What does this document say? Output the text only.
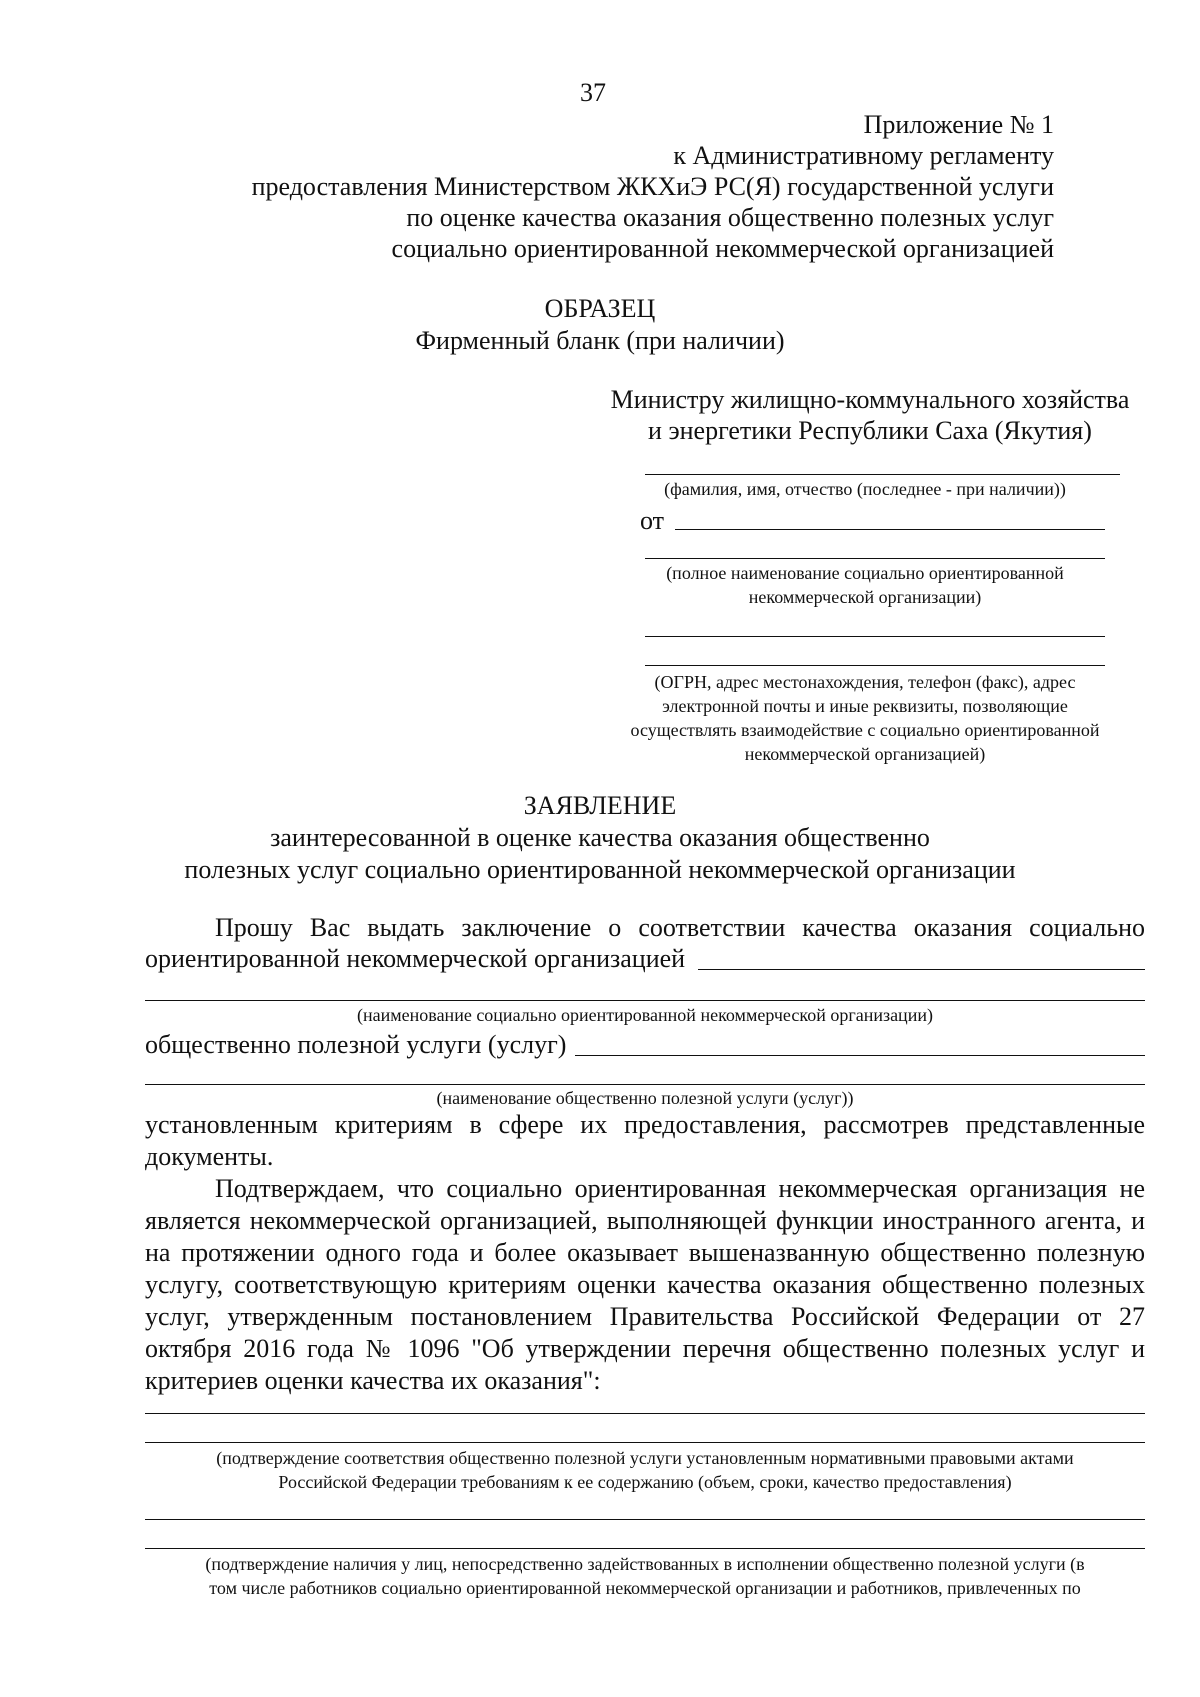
37
Приложение № 1
к Административному регламенту
предоставления Министерством ЖКХиЭ РС(Я) государственной услуги
по оценке качества оказания общественно полезных услуг
социально ориентированной некоммерческой организацией
ОБРАЗЕЦ
Фирменный бланк (при наличии)
Министру жилищно-коммунального хозяйства
и энергетики Республики Саха (Якутия)
(фамилия, имя, отчество (последнее - при наличии))
от
(полное наименование социально ориентированной
некоммерческой организации)
(ОГРН, адрес местонахождения, телефон (факс), адрес
электронной почты и иные реквизиты, позволяющие
осуществлять взаимодействие с социально ориентированной
некоммерческой организацией)
ЗАЯВЛЕНИЕ
заинтересованной в оценке качества оказания общественно
полезных услуг социально ориентированной некоммерческой организации
Прошу Вас выдать заключение о соответствии качества оказания социально
ориентированной некоммерческой организацией
(наименование социально ориентированной некоммерческой организации)
общественно полезной услуги (услуг)
(наименование общественно полезной услуги (услуг))
установленным критериям в сфере их предоставления, рассмотрев представленные
документы.
Подтверждаем, что социально ориентированная некоммерческая организация не
является некоммерческой организацией, выполняющей функции иностранного агента, и
на протяжении одного года и более оказывает вышеназванную общественно полезную
услугу, соответствующую критериям оценки качества оказания общественно полезных
услуг, утвержденным постановлением Правительства Российской Федерации от 27
октября 2016 года № 1096 "Об утверждении перечня общественно полезных услуг и
критериев оценки качества их оказания":
(подтверждение соответствия общественно полезной услуги установленным нормативными правовыми актами
Российской Федерации требованиям к ее содержанию (объем, сроки, качество предоставления)
(подтверждение наличия у лиц, непосредственно задействованных в исполнении общественно полезной услуги (в
том числе работников социально ориентированной некоммерческой организации и работников, привлеченных по
